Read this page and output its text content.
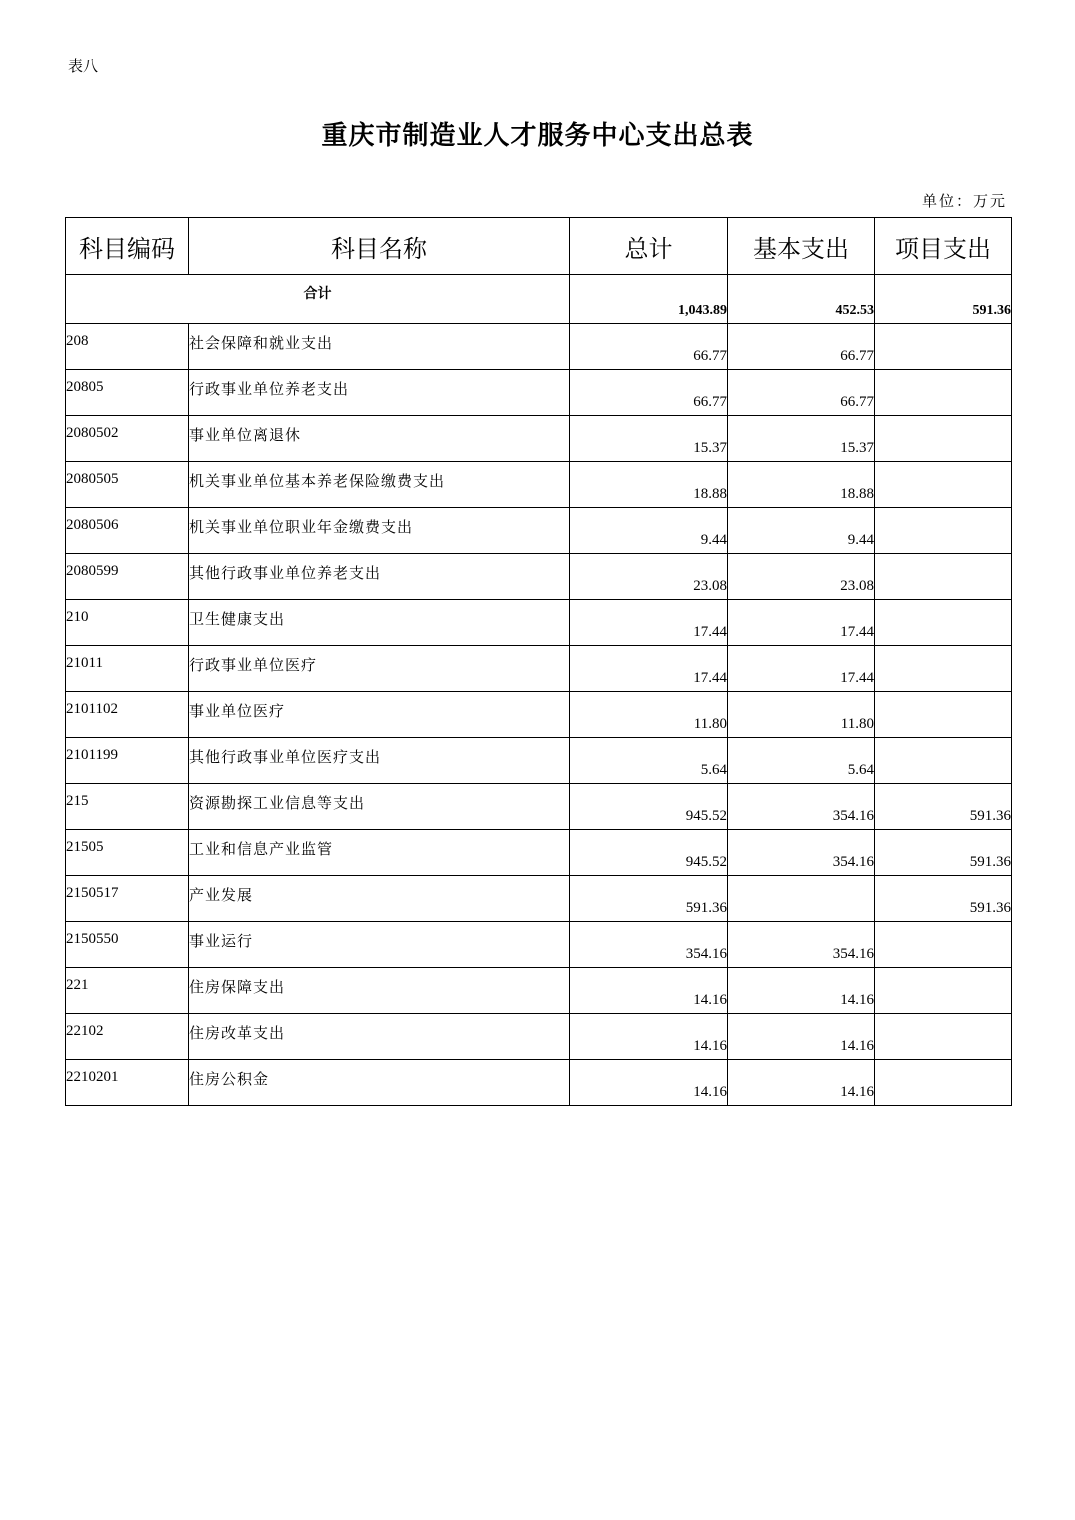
表八
重庆市制造业人才服务中心支出总表
单位：万元
科目编码	科目名称	总计	基本支出	项目支出
合计		1,043.89	452.53	591.36
208	社会保障和就业支出	66.77	66.77	
20805	行政事业单位养老支出	66.77	66.77	
2080502	事业单位离退休	15.37	15.37	
2080505	机关事业单位基本养老保险缴费支出	18.88	18.88	
2080506	机关事业单位职业年金缴费支出	9.44	9.44	
2080599	其他行政事业单位养老支出	23.08	23.08	
210	卫生健康支出	17.44	17.44	
21011	行政事业单位医疗	17.44	17.44	
2101102	事业单位医疗	11.80	11.80	
2101199	其他行政事业单位医疗支出	5.64	5.64	
215	资源勘探工业信息等支出	945.52	354.16	591.36
21505	工业和信息产业监管	945.52	354.16	591.36
2150517	产业发展	591.36		591.36
2150550	事业运行	354.16	354.16	
221	住房保障支出	14.16	14.16	
22102	住房改革支出	14.16	14.16	
2210201	住房公积金	14.16	14.16	
